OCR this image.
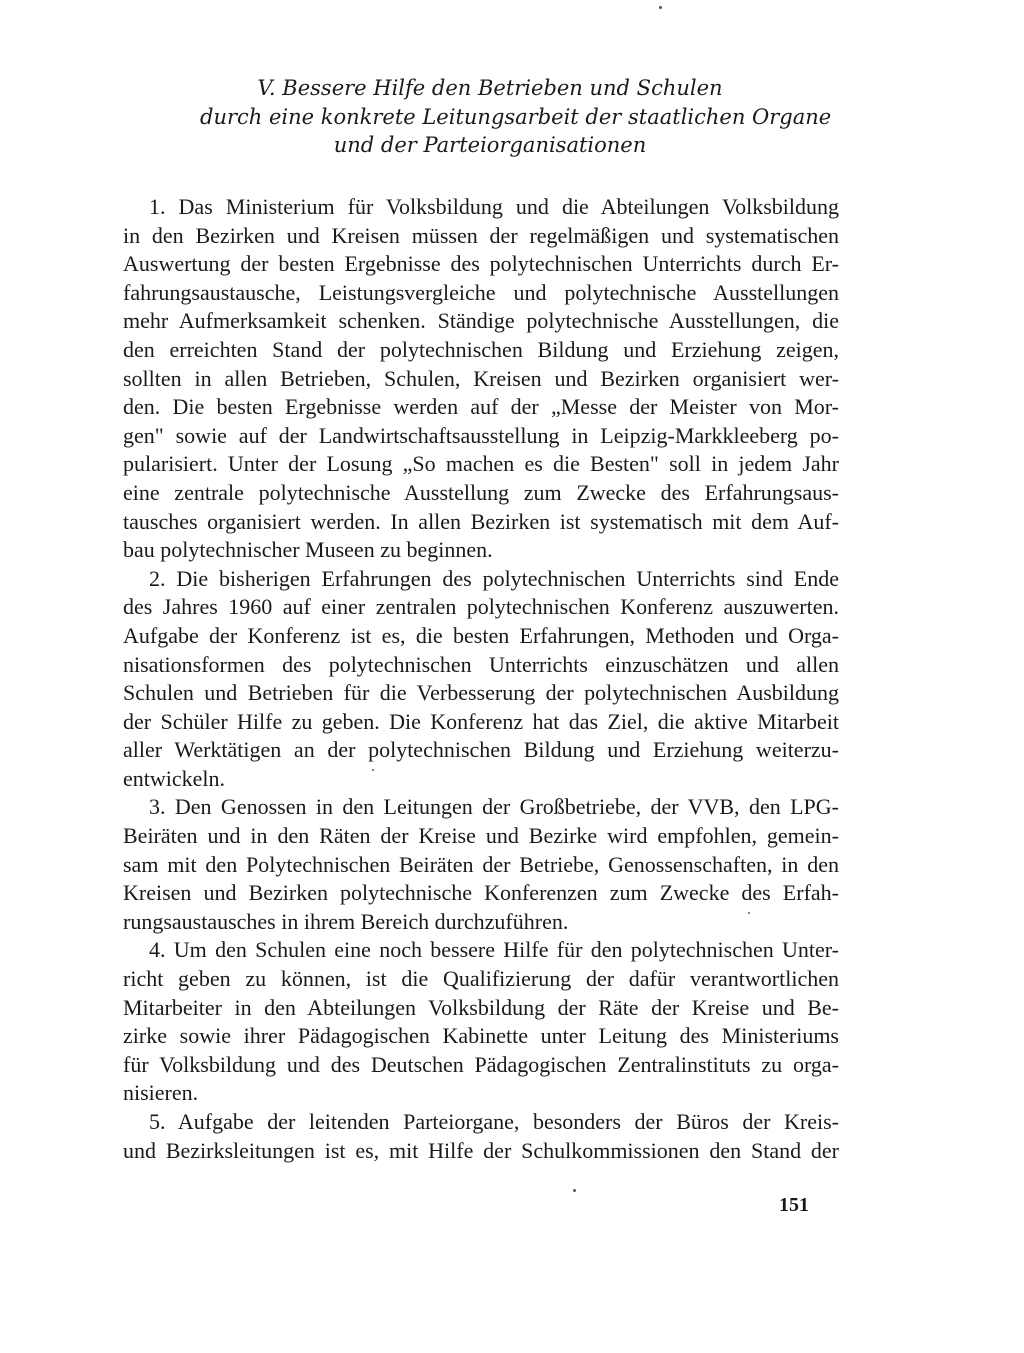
V. Bessere Hilfe den Betrieben und Schulen
durch eine konkrete Leitungsarbeit der staatlichen Organe
und der Parteiorganisationen
1. Das Ministerium für Volksbildung und die Abteilungen Volksbildung
in den Bezirken und Kreisen müssen der regelmäßigen und systematischen
Auswertung der besten Ergebnisse des polytechnischen Unterrichts durch Er-
fahrungsaustausche, Leistungsvergleiche und polytechnische Ausstellungen
mehr Aufmerksamkeit schenken. Ständige polytechnische Ausstellungen, die
den erreichten Stand der polytechnischen Bildung und Erziehung zeigen,
sollten in allen Betrieben, Schulen, Kreisen und Bezirken organisiert wer-
den. Die besten Ergebnisse werden auf der „Messe der Meister von Mor-
gen" sowie auf der Landwirtschaftsausstellung in Leipzig-Markkleeberg po-
pularisiert. Unter der Losung „So machen es die Besten" soll in jedem Jahr
eine zentrale polytechnische Ausstellung zum Zwecke des Erfahrungsaus-
tausches organisiert werden. In allen Bezirken ist systematisch mit dem Auf-
bau polytechnischer Museen zu beginnen.
2. Die bisherigen Erfahrungen des polytechnischen Unterrichts sind Ende
des Jahres 1960 auf einer zentralen polytechnischen Konferenz auszuwerten.
Aufgabe der Konferenz ist es, die besten Erfahrungen, Methoden und Orga-
nisationsformen des polytechnischen Unterrichts einzuschätzen und allen
Schulen und Betrieben für die Verbesserung der polytechnischen Ausbildung
der Schüler Hilfe zu geben. Die Konferenz hat das Ziel, die aktive Mitarbeit
aller Werktätigen an der polytechnischen Bildung und Erziehung weiterzu-
entwickeln.
3. Den Genossen in den Leitungen der Großbetriebe, der VVB, den LPG-
Beiräten und in den Räten der Kreise und Bezirke wird empfohlen, gemein-
sam mit den Polytechnischen Beiräten der Betriebe, Genossenschaften, in den
Kreisen und Bezirken polytechnische Konferenzen zum Zwecke des Erfah-
rungsaustausches in ihrem Bereich durchzuführen.
4. Um den Schulen eine noch bessere Hilfe für den polytechnischen Unter-
richt geben zu können, ist die Qualifizierung der dafür verantwortlichen
Mitarbeiter in den Abteilungen Volksbildung der Räte der Kreise und Be-
zirke sowie ihrer Pädagogischen Kabinette unter Leitung des Ministeriums
für Volksbildung und des Deutschen Pädagogischen Zentralinstituts zu orga-
nisieren.
5. Aufgabe der leitenden Parteiorgane, besonders der Büros der Kreis-
und Bezirksleitungen ist es, mit Hilfe der Schulkommissionen den Stand der
151
